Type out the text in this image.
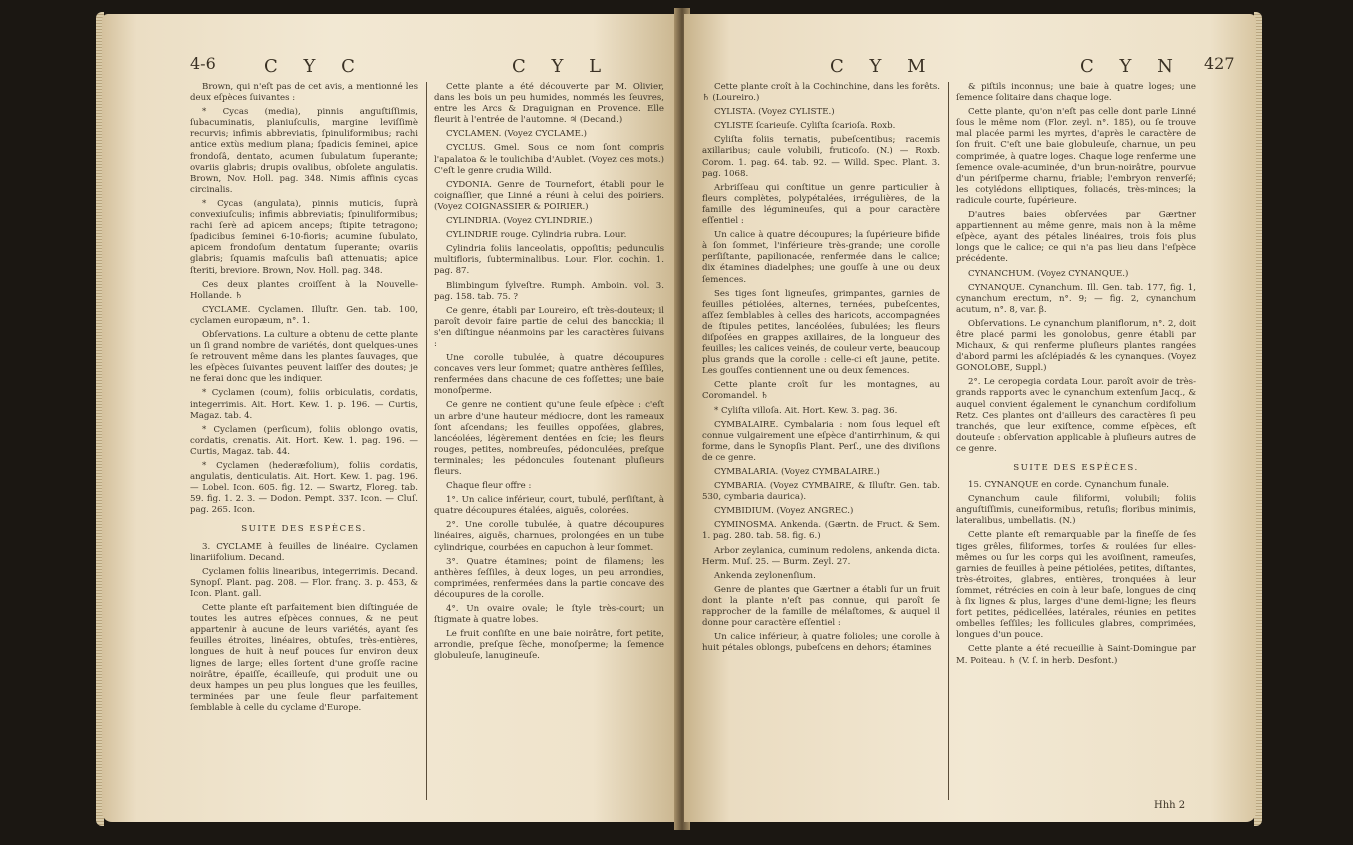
4-6	C Y C	C Y L

Brown, qui n'eſt pas de cet avis, a mentionné les deux eſpèces ſuivantes :

* Cycas (media), pinnis anguſtiſſimis, ſubacuminatis, planiuſculis, margine leviſſimè recurvis; infimis abbreviatis, ſpinuliformibus; rachi antice extùs medium plana; ſpadicis ſeminei, apice frondoſâ, dentato, acumen ſubulatum ſuperante; ovariis glabris; drupis ovalibus, obſolete angulatis. Brown, Nov. Holl. pag. 348. Nimis affinis cycas circinalis.

* Cycas (angulata), pinnis muticis, ſuprà convexiuſculis; infimis abbreviatis; ſpinuliformibus; rachi ſerè ad apicem anceps; ſtipite tetragono; ſpadicibus ſeminei 6-10-fioris; acumine ſubulato, apicem frondoſum dentatum ſuperante; ovariis glabris; ſquamis maſculis baſi attenuatis; apice ſteriti, breviore. Brown, Nov. Holl. pag. 348.

Ces deux plantes croiſſent à la Nouvelle-Hollande. ♄

CYCLAME. Cyclamen. Illuſtr. Gen. tab. 100, cyclamen europæum, n°. 1.

Obſervations. La culture a obtenu de cette plante un ſi grand nombre de variétés, dont quelques-unes ſe retrouvent même dans les plantes ſauvages, que les eſpèces ſuivantes peuvent laiſſer des doutes; je ne ferai donc que les indiquer.

* Cyclamen (coum), foliis orbiculatis, cordatis, integerrimis. Ait. Hort. Kew. 1. p. 196. — Curtis, Magaz. tab. 4.

* Cyclamen (perſicum), foliis oblongo ovatis, cordatis, crenatis. Ait. Hort. Kew. 1. pag. 196. — Curtis, Magaz. tab. 44.

* Cyclamen (hederæfolium), foliis cordatis, angulatis, denticulatis. Ait. Hort. Kew. 1. pag. 196. — Lobel. Icon. 605. fig. 12. — Swartz, Floreg. tab. 59. fig. 1. 2. 3. — Dodon. Pempt. 337. Icon. — Cluſ. pag. 265. Icon.

SUITE DES ESPÈCES.

3. CYCLAME à feuilles de linéaire. Cyclamen linariifolium. Decand.

Cyclamen foliis linearibus, integerrimis. Decand. Synopſ. Plant. pag. 208. — Flor. franç. 3. p. 453, & Icon. Plant. gall.

Cette plante eſt parfaitement bien diſtinguée de toutes les autres eſpèces connues, & ne peut appartenir à aucune de leurs variétés, ayant ſes feuilles étroites, linéaires, obtuſes, très-entières, longues de huit à neuf pouces ſur environ deux lignes de large; elles ſortent d'une groſſe racine noirâtre, épaiſſe, écailleuſe, qui produit une ou deux hampes un peu plus longues que les feuilles, terminées par une ſeule fleur parfaitement ſemblable à celle du cyclame d'Europe.

Cette plante a été découverte par M. Olivier, dans les bois un peu humides, nommés les ſeuvres, entre les Arcs & Draguignan en Provence. Elle fleurit à l'entrée de l'automne. ♃ (Decand.)

CYCLAMEN. (Voyez CYCLAME.)

CYCLUS. Gmel. Sous ce nom ſont compris l'apalatoa & le toulichiba d'Aublet. (Voyez ces mots.) C'eſt le genre crudia Willd.

CYDONIA. Genre de Tournefort, établi pour le coignaſſier, que Linné a réuni à celui des poiriers. (Voyez COIGNASSIER & POIRIER.)

CYLINDRIA. (Voyez CYLINDRIE.)

CYLINDRIE rouge. Cylindria rubra. Lour.

Cylindria foliis lanceolatis, oppoſitis; pedunculis multifloris, ſubterminalibus. Lour. Flor. cochin. 1. pag. 87.

Blimbingum ſylveſtre. Rumph. Amboin. vol. 3. pag. 158. tab. 75. ?

Ce genre, établi par Loureiro, eſt très-douteux; il paroît devoir faire partie de celui des bancckia; il s'en diſtingue néanmoins par les caractères ſuivans :

Une corolle tubulée, à quatre découpures concaves vers leur ſommet; quatre anthères ſeſſiles, renfermées dans chacune de ces foſſettes; une baie monoſperme.

Ce genre ne contient qu'une ſeule eſpèce : c'eſt un arbre d'une hauteur médiocre, dont les rameaux ſont aſcendans; les feuilles oppoſées, glabres, lancéolées, légèrement dentées en ſcie; les fleurs rouges, petites, nombreuſes, pédonculées, preſque terminales; les pédoncules ſoutenant pluſieurs fleurs.

Chaque fleur offre :

1°. Un calice inférieur, court, tubulé, perſiſtant, à quatre découpures étalées, aiguës, colorées.

2°. Une corolle tubulée, à quatre découpures linéaires, aiguës, charnues, prolongées en un tube cylindrique, courbées en capuchon à leur ſommet.

3°. Quatre étamines; point de filamens; les anthères ſeſſiles, à deux loges, un peu arrondies, comprimées, renfermées dans la partie concave des découpures de la corolle.

4°. Un ovaire ovale; le ſtyle très-court; un ſtigmate à quatre lobes.

Le fruit conſiſte en une baie noirâtre, fort petite, arrondie, preſque ſèche, monoſperme; la ſemence globuleuſe, lanugineuſe.

C Y M	C Y N 427

Cette plante croît à la Cochinchine, dans les forêts. ♄ (Loureiro.)

CYLISTA. (Voyez CYLISTE.)

CYLISTE ſcarieuſe. Cyliſta ſcarioſa. Roxb.

Cyliſta foliis ternatis, pubeſcentibus; racemis axillaribus; caule volubili, fruticoſo. (N.) — Roxb. Corom. 1. pag. 64. tab. 92. — Willd. Spec. Plant. 3. pag. 1068.

Arbriſſeau qui conſtitue un genre particulier à fleurs complètes, polypétalées, irrégulières, de la famille des légumineuſes, qui a pour caractère eſſentiel :

Un calice à quatre découpures; la ſupérieure bifide à ſon ſommet, l'inférieure très-grande; une corolle perſiſtante, papilionacée, renfermée dans le calice; dix étamines diadelphes; une gouſſe à une ou deux ſemences.

Ses tiges ſont ligneuſes, grimpantes, garnies de feuilles pétiolées, alternes, ternées, pubeſcentes, aſſez ſemblables à celles des haricots, accompagnées de ſtipules petites, lancéolées, ſubulées; les fleurs diſpoſées en grappes axillaires, de la longueur des feuilles; les calices veinés, de couleur verte, beaucoup plus grands que la corolle : celle-ci eſt jaune, petite. Les gouſſes contiennent une ou deux ſemences.

Cette plante croît ſur les montagnes, au Coromandel. ♄

* Cyliſta villoſa. Ait. Hort. Kew. 3. pag. 36.

CYMBALAIRE. Cymbalaria : nom ſous lequel eſt connue vulgairement une eſpèce d'antirrhinum, & qui forme, dans le Synopſis Plant. Perſ., une des diviſions de ce genre.

CYMBALARIA. (Voyez CYMBALAIRE.)

CYMBARIA. (Voyez CYMBAIRE, & Illuſtr. Gen. tab. 530, cymbaria daurica).

CYMBIDIUM. (Voyez ANGREC.)

CYMINOSMA. Ankenda. (Gærtn. de Fruct. & Sem. 1. pag. 280. tab. 58. fig. 6.)

Arbor zeylanica, cuminum redolens, ankenda dicta. Herm. Muſ. 25. — Burm. Zeyl. 27.

Ankenda zeylonenſium.

Genre de plantes que Gærtner a établi ſur un fruit dont la plante n'eſt pas connue, qui paroît ſe rapprocher de la famille de mélaſtomes, & auquel il donne pour caractère eſſentiel :

Un calice inférieur, à quatre folioles; une corolle à huit pétales oblongs, pubeſcens en dehors; étamines

& piſtils inconnus; une baie à quatre loges; une ſemence ſolitaire dans chaque loge.

Cette plante, qu'on n'eſt pas celle dont parle Linné ſous le même nom (Flor. zeyl. n°. 185), ou ſe trouve mal placée parmi les myrtes, d'après le caractère de ſon fruit. C'eſt une baie globuleuſe, charnue, un peu comprimée, à quatre loges. Chaque loge renferme une ſemence ovale-acuminée, d'un brun-noirâtre, pourvue d'un périſperme charnu, friable; l'embryon renverſé; les cotylédons elliptiques, foliacés, très-minces; la radicule courte, ſupérieure.

D'autres baies obſervées par Gærtner appartiennent au même genre, mais non à la même eſpèce, ayant des pétales linéaires, trois fois plus longs que le calice; ce qui n'a pas lieu dans l'eſpèce précédente.

CYNANCHUM. (Voyez CYNANQUE.)

CYNANQUE. Cynanchum. Ill. Gen. tab. 177, fig. 1, cynanchum erectum, n°. 9; — fig. 2, cynanchum acutum, n°. 8, var. β.

Obſervations. Le cynanchum planiflorum, n°. 2, doit être placé parmi les gonolobus, genre établi par Michaux, & qui renferme pluſieurs plantes rangées d'abord parmi les aſclépiadés & les cynanques. (Voyez GONOLOBE, Suppl.)

2°. Le ceropegia cordata Lour. paroît avoir de très-grands rapports avec le cynanchum extenſum Jacq., & auquel convient également le cynanchum cordifolium Retz. Ces plantes ont d'ailleurs des caractères ſi peu tranchés, que leur exiſtence, comme eſpèces, eſt douteuſe : obſervation applicable à pluſieurs autres de ce genre.

SUITE DES ESPÈCES.

15. CYNANQUE en corde. Cynanchum funale.

Cynanchum caule filiformi, volubili; foliis anguſtiſſimis, cuneiformibus, retuſis; floribus minimis, lateralibus, umbellatis. (N.)

Cette plante eſt remarquable par la fineſſe de ſes tiges grêles, filiformes, torſes & roulées ſur elles-mêmes ou ſur les corps qui les avoiſinent, rameuſes, garnies de feuilles à peine pétiolées, petites, diſtantes, très-étroites, glabres, entières, tronquées à leur ſommet, rétrécies en coin à leur baſe, longues de cinq à ſix lignes & plus, larges d'une demi-ligne; les fleurs fort petites, pédicellées, latérales, réunies en petites ombelles ſeſſiles; les follicules glabres, comprimées, longues d'un pouce.

Cette plante a été recueillie à Saint-Domingue par M. Poiteau. ♄ (V. ſ. in herb. Desfont.)

Hhh 2
